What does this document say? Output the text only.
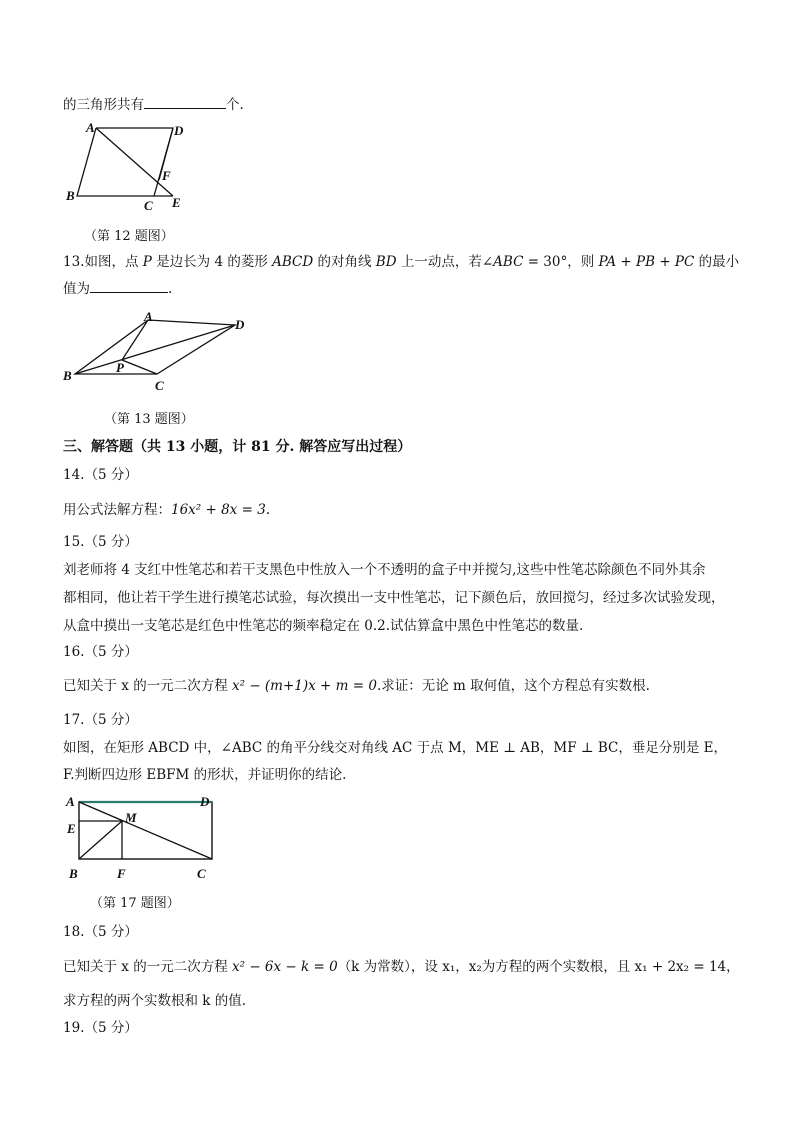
的三角形共有	个.
A	D
B
F
C E
（第 12 题图）
13.如图，点 P 是边长为 4 的菱形 ABCD 的对角线 BD 上一动点，若∠ABC = 30°，则 PA + PB + PC 的最小
值为	.
A
D
B
P
C
（第 13 题图）
三、解答题（共 13 小题，计 81 分. 解答应写出过程）
14.（5 分）
用公式法解方程：16x² + 8x = 3.
15.（5 分）
刘老师将 4 支红中性笔芯和若干支黑色中性放入一个不透明的盒子中并搅匀,这些中性笔芯除颜色不同外其余
都相同，他让若干学生进行摸笔芯试验，每次摸出一支中性笔芯，记下颜色后，放回搅匀，经过多次试验发现，
从盒中摸出一支笔芯是红色中性笔芯的频率稳定在 0.2.试估算盒中黑色中性笔芯的数量.
16.（5 分）
已知关于 x 的一元二次方程 x² − (m+1)x + m = 0.求证：无论 m 取何值，这个方程总有实数根.
17.（5 分）
如图，在矩形 ABCD 中，∠ABC 的角平分线交对角线 AC 于点 M，ME ⊥ AB，MF ⊥ BC，垂足分别是 E，
F.判断四边形 EBFM 的形状，并证明你的结论.
A	D
E
M
B	F	C
（第 17 题图）
18.（5 分）
已知关于 x 的一元二次方程 x² − 6x − k = 0（k 为常数），设 x₁，x₂为方程的两个实数根，且 x₁ + 2x₂ = 14，
求方程的两个实数根和 k 的值.
19.（5 分）
